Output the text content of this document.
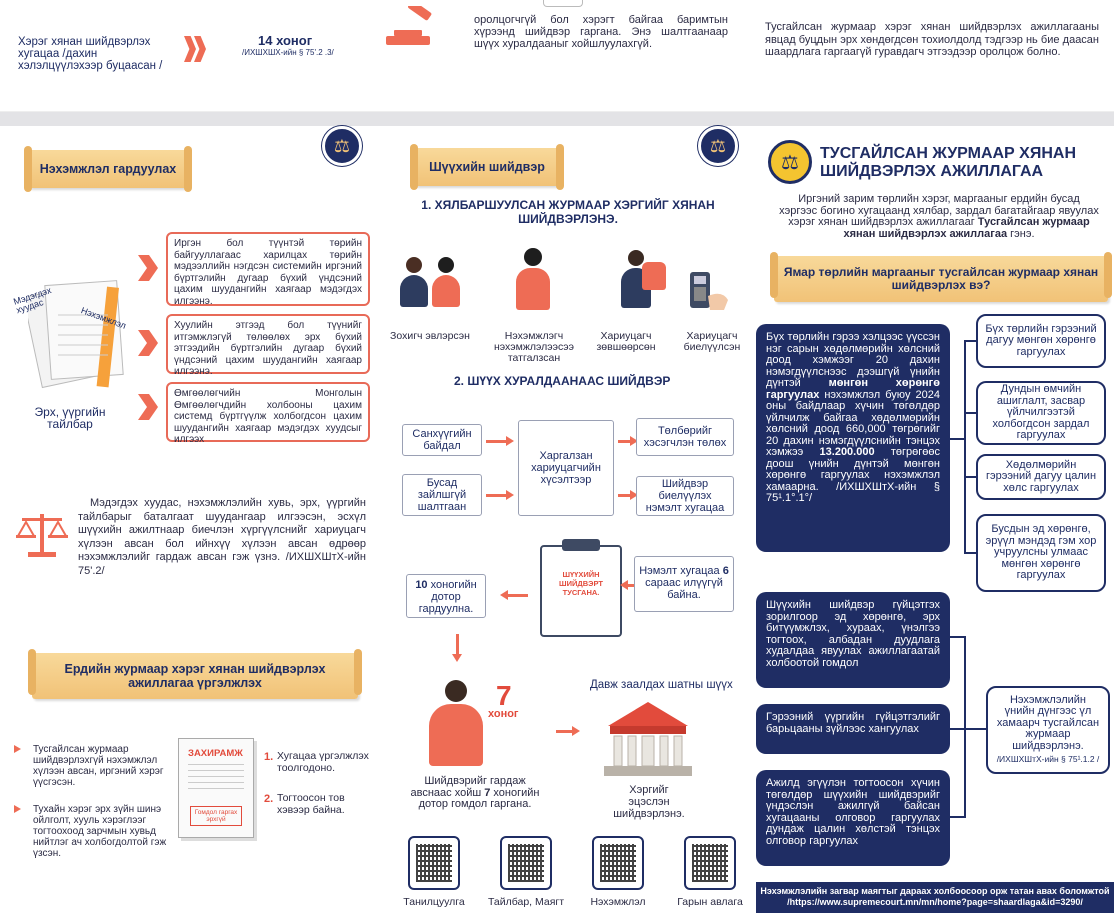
Хэрэг хянан шийдвэрлэх хугацаа /дахин хэлэлцүүлэхээр буцаасан /
14 хоног
/ИХШХШХ-ийн § 75'.2 .3/
оролцогчгүй бол хэрэгт байгаа баримтын хүрээнд шийдвэр гаргана. Энэ шалтгаанаар шүүх хуралдааныг хойшлуулахгүй.
Тусгайлсан журмаар хэрэг хянан шийдвэрлэх ажиллагааны явцад буцдын эрх хөндөгдсөн тохиолдолд тэдгээр нь бие даасан шаардлага гаргаагүй гуравдагч этгээдээр оролцож болно.
⚖
Нэхэмжлэл гардуулах
Мэдэгдэх хуудас	Нэхэмжлэл
Эрх, үүргийн тайлбар
Иргэн бол түүнтэй төрийн байгууллагаас харилцах төрийн мэдээллийн нэгдсэн системийн иргэний бүртгэлийн дугаар бүхий үндсэний цахим шуудангийн хаягаар мэдэгдэх илгээнэ.
Хуулийн этгээд бол түүнийг итгэмжлэгүй төлөөлөх эрх бүхий этгээдийн бүртгэлийн дугаар бүхий үндсэний цахим шуудангийн хаягаар илгээнэ.
Өмгөөлөгчийн Монголын Өмгөөлөгчдийн холбооны цахим системд бүртгүүлж холбогдсон цахим шуудангийн хаягаар мэдэгдэх хуудсыг илгээх
Мэдэгдэх хуудас, нэхэмжлэлийн хувь, эрх, үүргийн тайлбарыг баталгаат шуудангаар илгээсэн, эсхүл шүүхийн ажилтнаар биечлэн хүргүүлснийг хариуцагч хүлээн авсан бол ийнхүү хүлээн авсан өдрөөр нэхэмжлэлийг гардаж авсан гэж үзнэ. /ИХШХШтХ-ийн 75'.2/
Ердийн журмаар хэрэг хянан шийдвэрлэх ажиллагаа үргэлжлэх
Тусгайлсан журмаар шийдвэрлэхгүй нэхэмжлэл хүлээн авсан, иргэний хэрэг үүсгэсэн.
Тухайн хэрэг эрх зүйн шинэ ойлголт, хууль хэрэглээг тогтоохоод зарчмын хувьд нийтлэг ач холбогдолтой гэж үзсэн.
ЗАХИРАМЖ
Гомдол гаргах эрхгүй
1. Хугацаа үргэлжлэх тоолгодоно.
2. Тогтоосон тов хэвээр байна.
⚖
Шүүхийн шийдвэр
1. ХЯЛБАРШУУЛСАН ЖУРМААР ХЭРГИЙГ ХЯНАН ШИЙДВЭРЛЭНЭ.
Зохигч эвлэрсэн	Нэхэмжлэгч нэхэмжлэлээсээ татгалзсан
Хариуцагч зөвшөөрсөн
Хариуцагч биелүүлсэн
2. ШҮҮХ ХУРАЛДААНААС ШИЙДВЭР
Санхүүгийн байдал
Бусад зайлшгүй шалтгаан
Харгалзан хариуцагчийн хүсэлтээр
Төлбөрийг хэсэгчлэн төлөх
Шийдвэр биелүүлэх нэмэлт хугацаа
ШҮҮХИЙН ШИЙДВЭРТ ТУСГАНА.
Нэмэлт хугацаа 6 сараас илүүгүй байна.
10 хоногийн дотор гардуулна.
7
хоног
Шийдвэрийг гардаж авснаас хойш 7 хоногийн дотор гомдол гаргана.
Давж заалдах шатны шүүх
Хэргийг эцэслэн шийдвэрлэнэ.
Танилцуулга	Тайлбар, Маягт	Нэхэмжлэл	Гарын авлага
⚖	ТУСГАЙЛСАН ЖУРМААР ХЯНАН ШИЙДВЭРЛЭХ АЖИЛЛАГАА
Иргэний зарим төрлийн хэрэг, маргааныг ердийн бусад хэргээс богино хугацаанд хялбар, зардал багатайгаар явуулах хэрэг хянан шийдвэрлэх ажиллагааг Тусгайлсан журмаар хянан шийдвэрлэх ажиллагаа гэнэ.
Ямар төрлийн маргааныг тусгайлсан журмаар хянан шийдвэрлэх вэ?
Бүх төрлийн гэрээ хэлцээс үүссэн нэг сарын хөдөлмөрийн хөлсний доод хэмжээг 20 дахин нэмэгдүүлснээс дээшгүй үнийн дүнтэй	мөнгөн хөрөнгө гаргуулах нэхэмжлэл буюу 2024 оны байдлаар хүчин төгөлдөр үйлчилж байгаа хөдөлмөрийн хөлсний доод 660,000 төгрөгийг 20 дахин нэмэгдүүлснийн тэнцэх хэмжээ 13.200.000 төгрөгөөс доош үнийн дүнтэй мөнгөн хөрөнгө гаргуулах нэхэмжлэл хамаарна. /ИХШХШтХ-ийн § 75¹.1°.1°/
Бүх төрлийн гэрээний дагуу мөнгөн хөрөнгө гаргуулах
Дундын өмчийн ашиглалт, засвар үйлчилгээтэй холбогдсон зардал гаргуулах
Хөдөлмөрийн гэрээний дагуу цалин хөлс гаргуулах
Бусдын эд хөрөнгө, эрүүл мэндэд гэм хор учруулсны улмаас мөнгөн хөрөнгө гаргуулах
Шүүхийн шийдвэр гүйцэтгэх зорилгоор эд хөрөнгө, эрх битүүмжлэх, хураах, үнэлгээ тогтоох, албадан дуудлага худалдаа явуулах ажиллагаатай холбоотой гомдол
Гэрээний үүргийн гүйцэтгэлийг барьцааны зүйлээс хангуулах
Ажилд эгүүлэн тогтоосон хүчин төгөлдөр шүүхийн шийдвэрийг үндэслэн ажилгүй байсан хугацааны олговор гаргуулах дундаж цалин хөлстэй тэнцэх олговор гаргуулах
Нэхэмжлэлийн үнийн дүнгээс үл хамаарч тусгайлсан журмаар шийдвэрлэнэ.
/ИХШХШтХ-ийн § 75¹.1.2 /
Нэхэмжлэлийн загвар маягтыг дараах холбоосоор орж татан авах боломжтой
/https://www.supremecourt.mn/mn/home?page=shaardlaga&id=3290/
